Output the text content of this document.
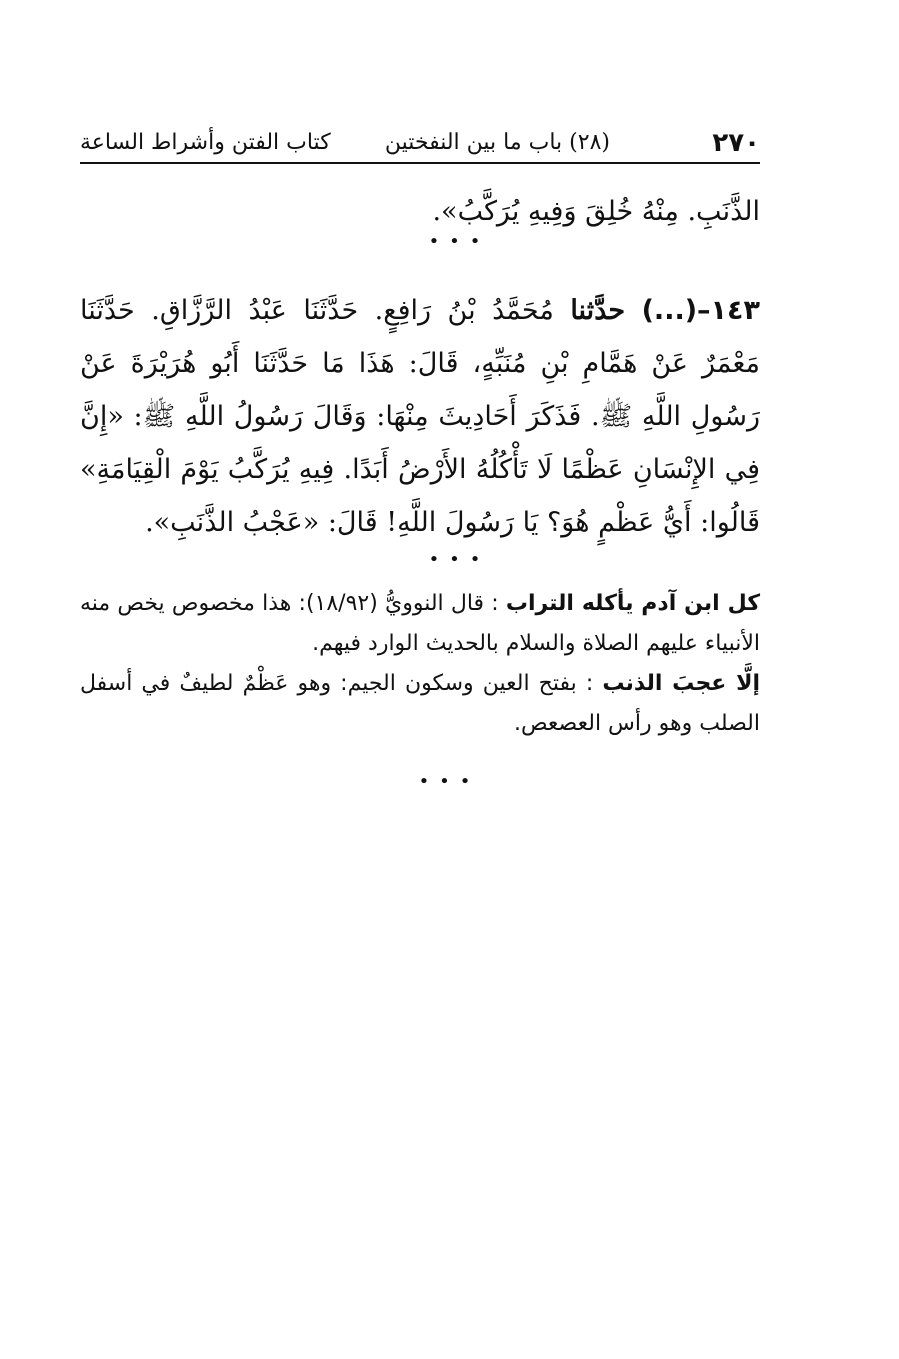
٢٧٠
(٢٨) باب ما بين النفختين
كتاب الفتن وأشراط الساعة
الذَّنَبِ. مِنْهُ خُلِقَ وَفِيهِ يُرَكَّبُ».
•••
١٤٣–(...) حدَّثنا مُحَمَّدُ بْنُ رَافِعٍ. حَدَّثَنَا عَبْدُ الرَّزَّاقِ. حَدَّثَنَا مَعْمَرٌ عَنْ هَمَّامِ بْنِ مُنَبِّهٍ، قَالَ: هَذَا مَا حَدَّثَنَا أَبُو هُرَيْرَةَ عَنْ رَسُولِ اللَّهِ ﷺ. فَذَكَرَ أَحَادِيثَ مِنْهَا: وَقَالَ رَسُولُ اللَّهِ ﷺ: «إِنَّ فِي الإِنْسَانِ عَظْمًا لَا تَأْكُلُهُ الأَرْضُ أَبَدًا. فِيهِ يُرَكَّبُ يَوْمَ الْقِيَامَةِ» قَالُوا: أَيُّ عَظْمٍ هُوَ؟ يَا رَسُولَ اللَّهِ! قَالَ: «عَجْبُ الذَّنَبِ».
•••

كل ابن آدم يأكله التراب : قال النوويُّ (١٨/٩٢): هذا مخصوص يخص منه الأنبياء عليهم الصلاة والسلام بالحديث الوارد فيهم.

إلَّا عجبَ الذنب : بفتح العين وسكون الجيم: وهو عَظْمٌ لطيفٌ في أسفل الصلب وهو رأس العصعص.

•••
